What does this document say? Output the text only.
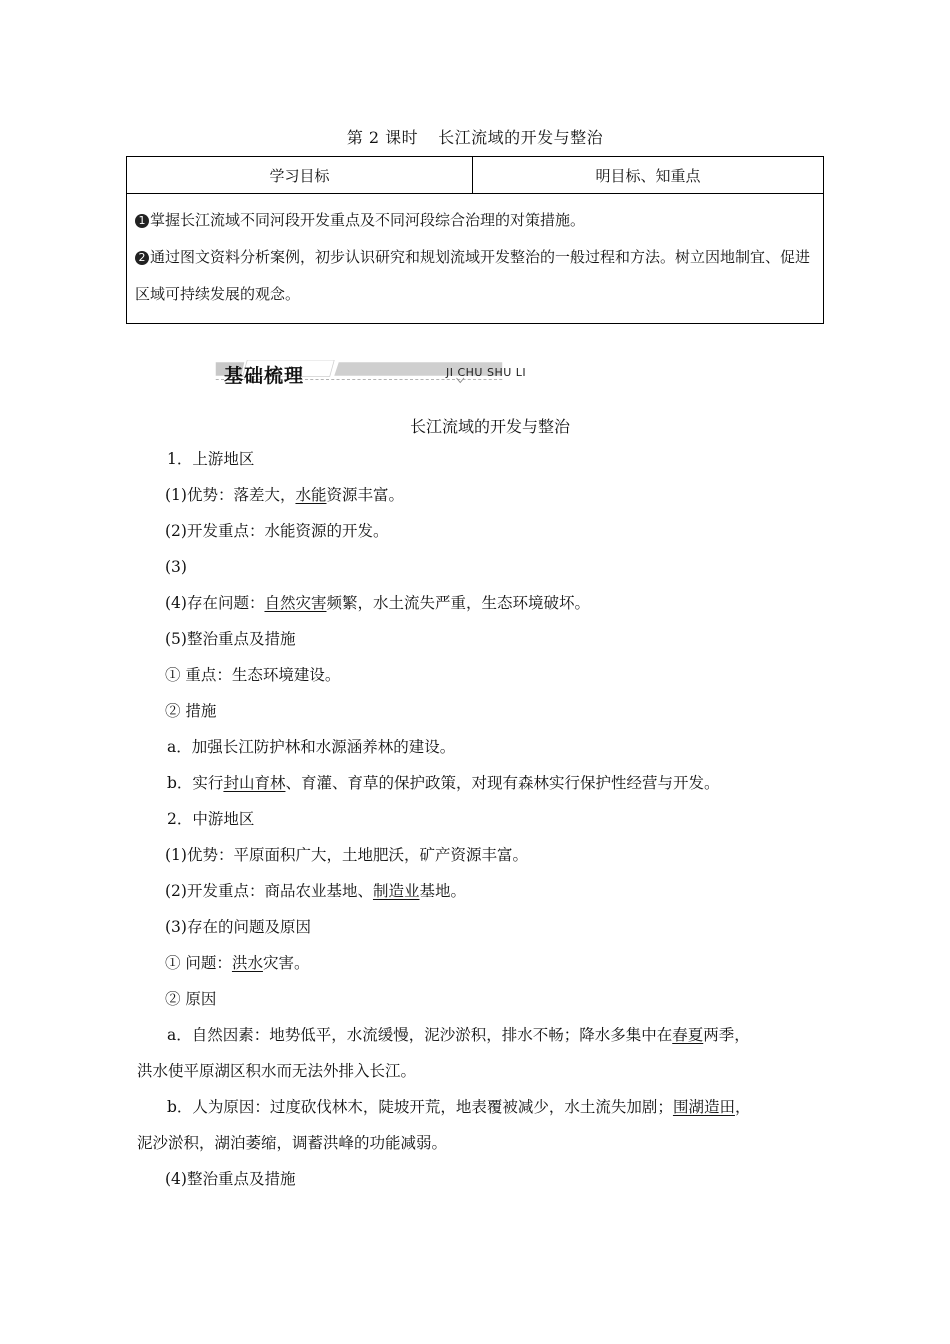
第 2 课时 长江流域的开发与整治
学习目标	明目标、知重点

1 掌握长江流域不同河段开发重点及不同河段综合治理的对策措施。
2 通过图文资料分析案例，初步认识研究和规划流域开发整治的一般过程和方法。树立因地制宜、促进区域可持续发展的观念。
基础梳理	JI CHU SHU LI
长江流域的开发与整治
1．上游地区
(1)优势：落差大，水能资源丰富。
(2)开发重点：水能资源的开发。
(3)
(4)存在问题：自然灾害频繁，水土流失严重，生态环境破坏。
(5)整治重点及措施
① 重点：生态环境建设。
② 措施
a．加强长江防护林和水源涵养林的建设。
b．实行封山育林、育灌、育草的保护政策，对现有森林实行保护性经营与开发。
2．中游地区
(1)优势：平原面积广大，土地肥沃，矿产资源丰富。
(2)开发重点：商品农业基地、制造业基地。
(3)存在的问题及原因
① 问题：洪水灾害。
② 原因
a．自然因素：地势低平，水流缓慢，泥沙淤积，排水不畅；降水多集中在春夏两季，
洪水使平原湖区积水而无法外排入长江。
b．人为原因：过度砍伐林木，陡坡开荒，地表覆被减少，水土流失加剧；围湖造田，
泥沙淤积，湖泊萎缩，调蓄洪峰的功能减弱。
(4)整治重点及措施
